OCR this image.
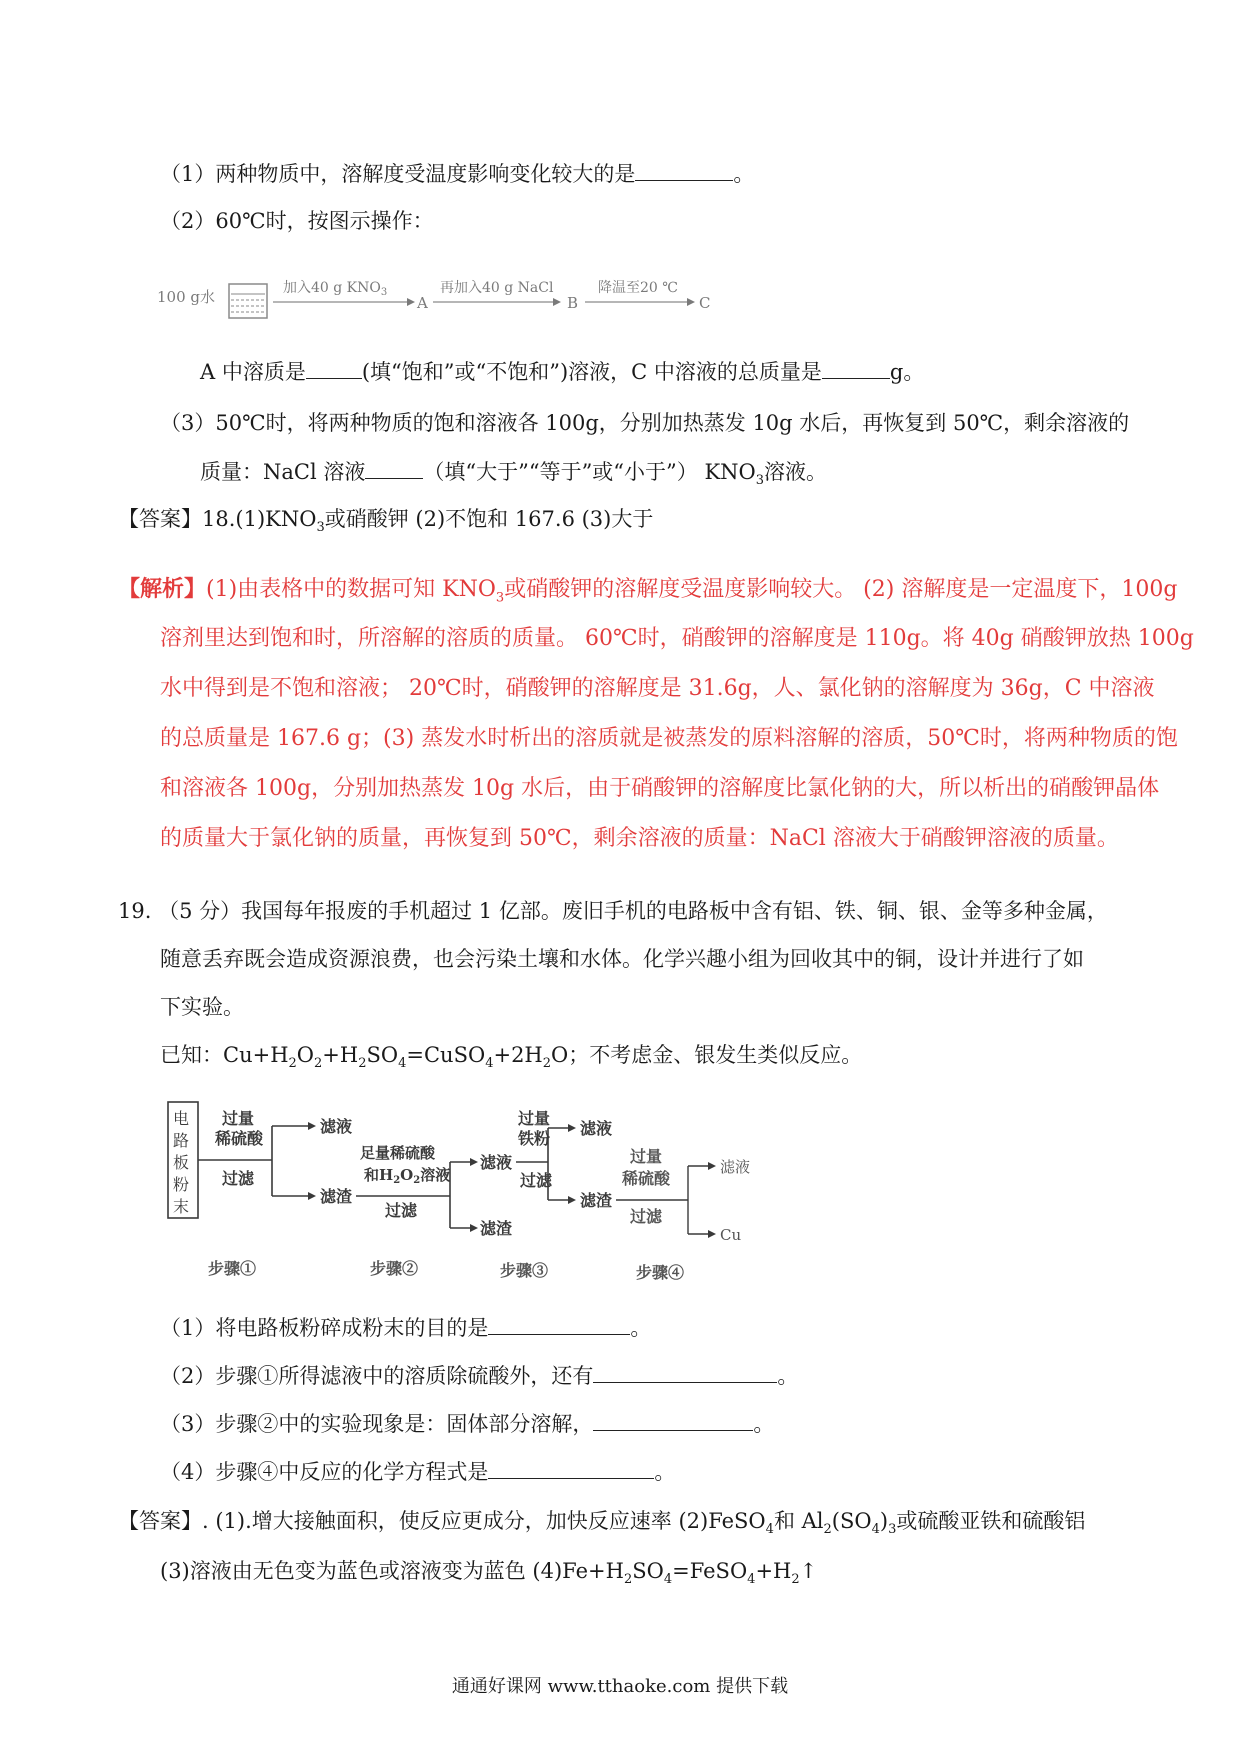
（1）两种物质中，溶解度受温度影响变化较大的是	。
（2）60℃时，按图示操作：
100 g水	加入40 g $KNO_3$
A
再加入40 g NaCl
B
降温至20 ℃
C
A 中溶质是	(填“饱和”或“不饱和”)溶液，C 中溶液的总质量是	g。
（3）50℃时，将两种物质的饱和溶液各 100g，分别加热蒸发 10g 水后，再恢复到 50℃，剩余溶液的
质量：NaCl 溶液	（填“大于”“等于”或“小于”） $KNO_3$溶液。
【答案】$18.(1)KNO_3$或硝酸钾 (2)不饱和 167.6 (3)大于
【解析】(1)由表格中的数据可知 $KNO_3$或硝酸钾的溶解度受温度影响较大。 (2) 溶解度是一定温度下，100g
溶剂里达到饱和时，所溶解的溶质的质量。 60℃时，硝酸钾的溶解度是 110g。将 40g 硝酸钾放热 100g
水中得到是不饱和溶液； 20℃时，硝酸钾的溶解度是 31.6g，人、氯化钠的溶解度为 36g，C 中溶液
的总质量是 167.6 g；(3) 蒸发水时析出的溶质就是被蒸发的原料溶解的溶质，50℃时，将两种物质的饱
和溶液各 100g，分别加热蒸发 10g 水后，由于硝酸钾的溶解度比氯化钠的大，所以析出的硝酸钾晶体
的质量大于氯化钠的质量，再恢复到 50℃，剩余溶液的质量：NaCl 溶液大于硝酸钾溶液的质量。
19. （5 分）我国每年报废的手机超过 1 亿部。废旧手机的电路板中含有铝、铁、铜、银、金等多种金属，
随意丢弃既会造成资源浪费，也会污染土壤和水体。化学兴趣小组为回收其中的铜，设计并进行了如
下实验。
已知：$Cu+H_2O_2+H_2SO_4=CuSO_4+2H_2O$；不考虑金、银发生类似反应。
电
路
板
粉
末
过量
稀硫酸
过滤
滤液
滤渣
足量稀硫酸
和$H_2O_2$溶液
过滤
滤液
滤渣
过量
铁粉
过滤
滤液
滤渣
过量
稀硫酸
过滤
滤液
Cu
步骤①	步骤②	步骤③	步骤④
（1）将电路板粉碎成粉末的目的是	。
（2）步骤①所得滤液中的溶质除硫酸外，还有	。
（3）步骤②中的实验现象是：固体部分溶解，	。
（4）步骤④中反应的化学方程式是	。
【答案】. (1).增大接触面积，使反应更成分，加快反应速率 (2)FeSO$_4$和 $Al_2(SO_4)_3$或硫酸亚铁和硫酸铝
(3)溶液由无色变为蓝色或溶液变为蓝色 $(4)Fe+H_2SO_4=FeSO_4+H_2↑$
通通好课网 www.tthaoke.com 提供下载
